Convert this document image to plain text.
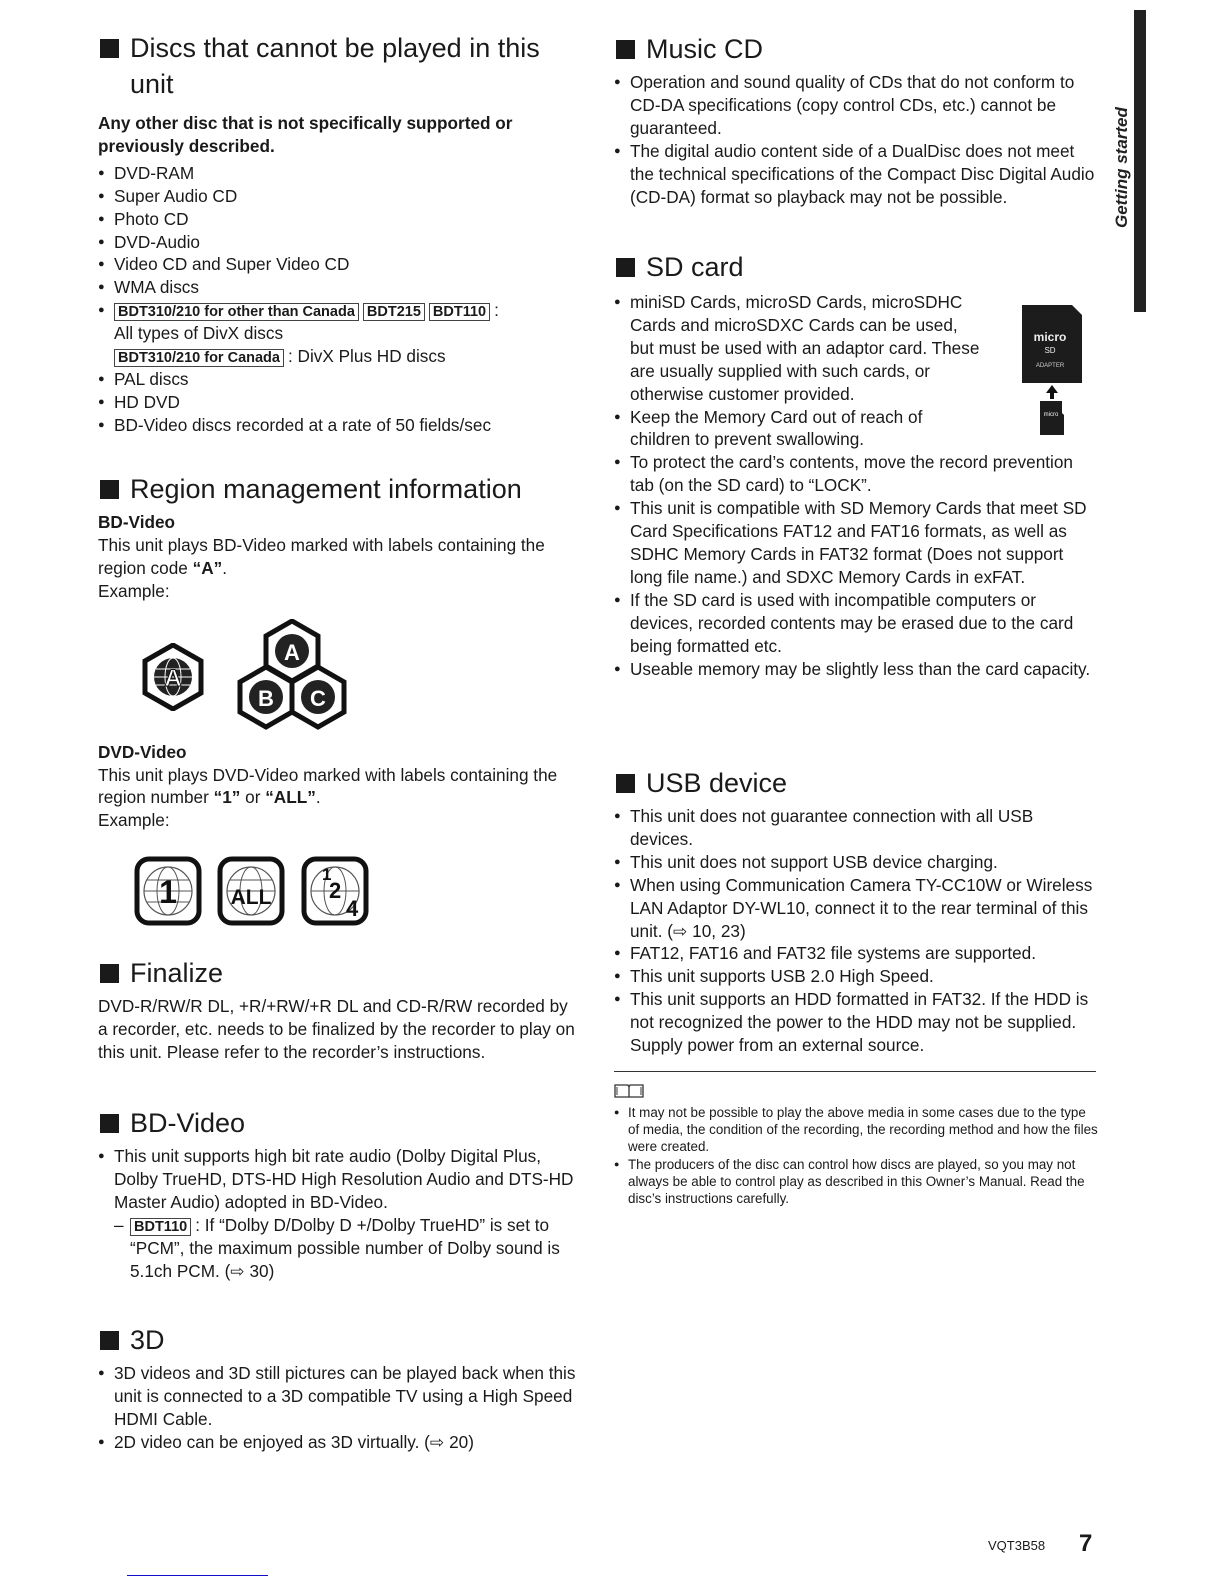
Getting started
Discs that cannot be played in this unit
Any other disc that is not specifically supported or previously described.
● DVD-RAM
● Super Audio CD
● Photo CD
● DVD-Audio
● Video CD and Super Video CD
● WMA discs
● BDT310/210 for other than Canada BDT215 BDT110 :
All types of DivX discs
BDT310/210 for Canada : DivX Plus HD discs
● PAL discs
● HD DVD
● BD-Video discs recorded at a rate of 50 fields/sec
Region management information
BD-Video
This unit plays BD-Video marked with labels containing the region code “A”.
Example:
A
A
B C
DVD-Video
This unit plays DVD-Video marked with labels containing the region number “1” or “ALL”.
Example:
1	ALL
1
2
4
Finalize
DVD-R/RW/R DL, +R/+RW/+R DL and CD-R/RW recorded by a recorder, etc. needs to be finalized by the recorder to play on this unit. Please refer to the recorder’s instructions.
BD-Video
● This unit supports high bit rate audio (Dolby Digital Plus, Dolby TrueHD, DTS-HD High Resolution Audio and DTS-HD Master Audio) adopted in BD-Video.
– BDT110 : If “Dolby D/Dolby D +/Dolby TrueHD” is set to “PCM”, the maximum possible number of Dolby sound is 5.1ch PCM. (⇨ 30)
3D
● 3D videos and 3D still pictures can be played back when this unit is connected to a 3D compatible TV using a High Speed HDMI Cable.
● 2D video can be enjoyed as 3D virtually. (⇨ 20)
Music CD
● Operation and sound quality of CDs that do not conform to CD-DA specifications (copy control CDs, etc.) cannot be guaranteed.
● The digital audio content side of a DualDisc does not meet the technical specifications of the Compact Disc Digital Audio (CD-DA) format so playback may not be possible.
SD card
micro
SD
ADAPTER
micro
● miniSD Cards, microSD Cards, microSDHC Cards and microSDXC Cards can be used, but must be used with an adaptor card. These are usually supplied with such cards, or otherwise customer provided.
● Keep the Memory Card out of reach of children to prevent swallowing.
● To protect the card’s contents, move the record prevention tab (on the SD card) to “LOCK”.
● This unit is compatible with SD Memory Cards that meet SD Card Specifications FAT12 and FAT16 formats, as well as SDHC Memory Cards in FAT32 format (Does not support long file name.) and SDXC Memory Cards in exFAT.
● If the SD card is used with incompatible computers or devices, recorded contents may be erased due to the card being formatted etc.
● Useable memory may be slightly less than the card capacity.
USB device
● This unit does not guarantee connection with all USB devices.
● This unit does not support USB device charging.
● When using Communication Camera TY-CC10W or Wireless LAN Adaptor DY-WL10, connect it to the rear terminal of this unit. (⇨ 10, 23)
● FAT12, FAT16 and FAT32 file systems are supported.
● This unit supports USB 2.0 High Speed.
● This unit supports an HDD formatted in FAT32. If the HDD is not recognized the power to the HDD may not be supplied. Supply power from an external source.
● It may not be possible to play the above media in some cases due to the type of media, the condition of the recording, the recording method and how the files were created.
● The producers of the disc can control how discs are played, so you may not always be able to control play as described in this Owner’s Manual. Read the disc’s instructions carefully.
VQT3B58 7
